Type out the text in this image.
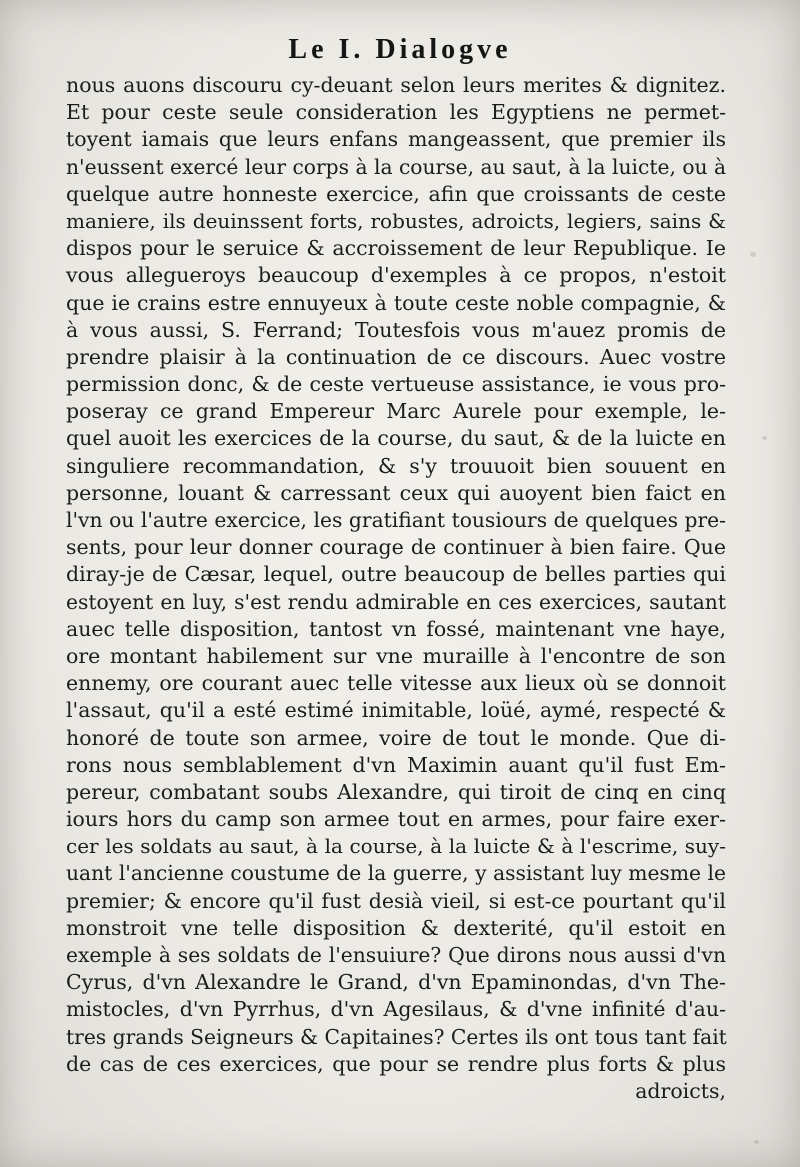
Le I. Dialogve
nous auons discouru cy-deuant selon leurs merites & dignitez.
Et pour ceste seule consideration les Egyptiens ne permet-
toyent iamais que leurs enfans mangeassent, que premier ils
n'eussent exercé leur corps à la course, au saut, à la luicte, ou à
quelque autre honneste exercice, afin que croissants de ceste
maniere, ils deuinssent forts, robustes, adroicts, legiers, sains &
dispos pour le seruice & accroissement de leur Republique. Ie
vous allegueroys beaucoup d'exemples à ce propos, n'estoit
que ie crains estre ennuyeux à toute ceste noble compagnie, &
à vous aussi, S. Ferrand; Toutesfois vous m'auez promis de
prendre plaisir à la continuation de ce discours. Auec vostre
permission donc, & de ceste vertueuse assistance, ie vous pro-
poseray ce grand Empereur Marc Aurele pour exemple, le-
quel auoit les exercices de la course, du saut, & de la luicte en
singuliere recommandation, & s'y trouuoit bien souuent en
personne, louant & carressant ceux qui auoyent bien faict en
l'vn ou l'autre exercice, les gratifiant tousiours de quelques pre-
sents, pour leur donner courage de continuer à bien faire. Que
diray-je de Cæsar, lequel, outre beaucoup de belles parties qui
estoyent en luy, s'est rendu admirable en ces exercices, sautant
auec telle disposition, tantost vn fossé, maintenant vne haye,
ore montant habilement sur vne muraille à l'encontre de son
ennemy, ore courant auec telle vitesse aux lieux où se donnoit
l'assaut, qu'il a esté estimé inimitable, loüé, aymé, respecté &
honoré de toute son armee, voire de tout le monde. Que di-
rons nous semblablement d'vn Maximin auant qu'il fust Em-
pereur, combatant soubs Alexandre, qui tiroit de cinq en cinq
iours hors du camp son armee tout en armes, pour faire exer-
cer les soldats au saut, à la course, à la luicte & à l'escrime, suy-
uant l'ancienne coustume de la guerre, y assistant luy mesme le
premier; & encore qu'il fust desià vieil, si est-ce pourtant qu'il
monstroit vne telle disposition & dexterité, qu'il estoit en
exemple à ses soldats de l'ensuiure? Que dirons nous aussi d'vn
Cyrus, d'vn Alexandre le Grand, d'vn Epaminondas, d'vn The-
mistocles, d'vn Pyrrhus, d'vn Agesilaus, & d'vne infinité d'au-
tres grands Seigneurs & Capitaines? Certes ils ont tous tant fait
de cas de ces exercices, que pour se rendre plus forts & plus
adroicts,
